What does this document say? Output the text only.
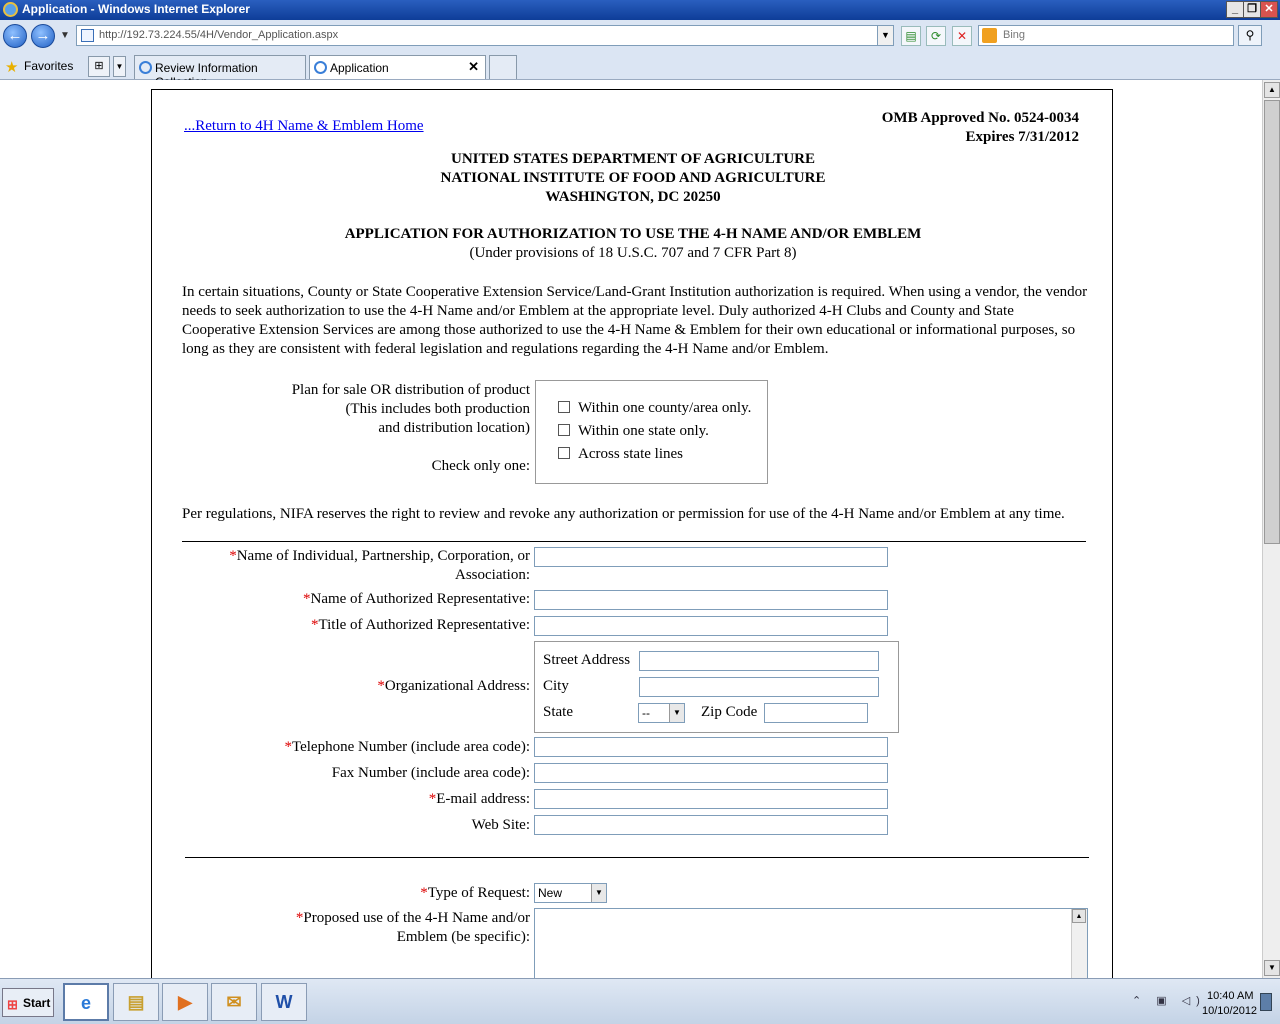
Application - Windows Internet Explorer	_ ❐ ✕
← → ▼	http://192.73.224.55/4H/Vendor_Application.aspx	▼	▤	⟳	✕	Bing	⚲
★ Favorites	⊞	▼	Review Information	Application	✕
...Return to 4H Name & Emblem Home	OMB Approved No. 0524-0034
Expires 7/31/2012
UNITED STATES DEPARTMENT OF AGRICULTURE
NATIONAL INSTITUTE OF FOOD AND AGRICULTURE
WASHINGTON, DC 20250
APPLICATION FOR AUTHORIZATION TO USE THE 4-H NAME AND/OR EMBLEM
(Under provisions of 18 U.S.C. 707 and 7 CFR Part 8)
In certain situations, County or State Cooperative Extension Service/Land-Grant Institution authorization is required. When using a vendor, the vendor needs to seek authorization to use the 4-H Name and/or Emblem at the appropriate level. Duly authorized 4-H Clubs and County and State Cooperative Extension Services are among those authorized to use the 4-H Name & Emblem for their own educational or informational purposes, so long as they are consistent with federal legislation and regulations regarding the 4-H Name and/or Emblem.
Plan for sale OR distribution of product
(This includes both production
and distribution location)
Check only one:
Within one county/area only.
Within one state only.
Across state lines
Per regulations, NIFA reserves the right to review and revoke any authorization or permission for use of the 4-H Name and/or Emblem at any time.
*Name of Individual, Partnership, Corporation, or
Association:
*Name of Authorized Representative:
*Title of Authorized Representative:
*Organizational Address:
Street Address
City
State	--	▼ Zip Code
*Telephone Number (include area code):
Fax Number (include area code):
*E-mail address:
Web Site:
*Type of Request: New	▼
*Proposed use of the 4-H Name and/or
Emblem (be specific):
▲
▲
▼
⊞ Start	e	▤	▶	✉	W	⌃ ▣ ◁) 10:40 AM
10/10/2012
